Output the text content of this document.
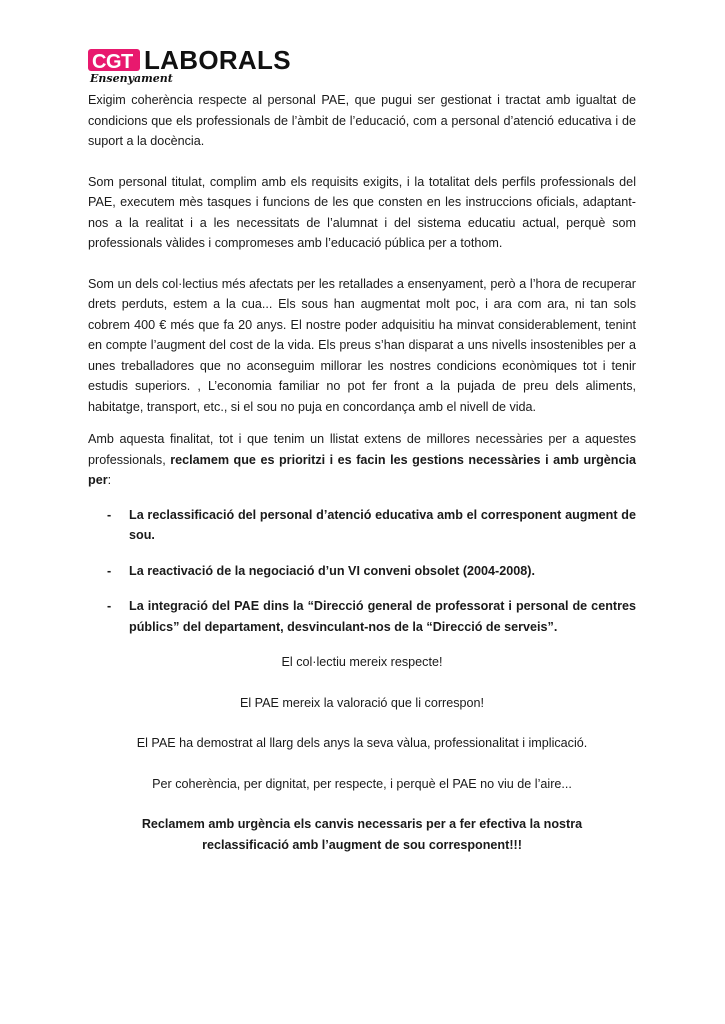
CGT LABORALS
Ensenyament

Exigim coherència respecte al personal PAE, que pugui ser gestionat i tractat amb igualtat de condicions que els professionals de l’àmbit de l’educació, com a personal d’atenció educativa i de suport a la docència.

Som personal titulat, complim amb els requisits exigits, i la totalitat dels perfils professionals del PAE, executem mès tasques i funcions de les que consten en les instruccions oficials, adaptant-nos a la realitat i a les necessitats de l’alumnat i del sistema educatiu actual, perquè som professionals vàlides i compromeses amb l’educació pública per a tothom.

Som un dels col·lectius més afectats per les retallades a ensenyament, però a l’hora de recuperar drets perduts, estem a la cua... Els sous han augmentat molt poc, i ara com ara, ni tan sols cobrem 400 € més que fa 20 anys. El nostre poder adquisitiu ha minvat considerablement, tenint en compte l’augment del cost de la vida. Els preus s’han disparat a uns nivells insostenibles per a unes treballadores que no aconseguim millorar les nostres condicions econòmiques tot i tenir estudis superiors. , L’economia familiar no pot fer front a la pujada de preu dels aliments, habitatge, transport, etc., si el sou no puja en concordança amb el nivell de vida.

Amb aquesta finalitat, tot i que tenim un llistat extens de millores necessàries per a aquestes professionals, reclamem que es prioritzi i es facin les gestions necessàries i amb urgència per:

-	La reclassificació del personal d’atenció educativa amb el corresponent augment de sou.
-	La reactivació de la negociació d’un VI conveni obsolet (2004-2008).
-	La integració del PAE dins la “Direcció general de professorat i personal de centres públics” del departament, desvinculant-nos de la “Direcció de serveis”.

El col·lectiu mereix respecte!

El PAE mereix la valoració que li correspon!

El PAE ha demostrat al llarg dels anys la seva vàlua, professionalitat i implicació.

Per coherència, per dignitat, per respecte, i perquè el PAE no viu de l’aire...

Reclamem amb urgència els canvis necessaris per a fer efectiva la nostra reclassificació amb l’augment de sou corresponent!!!
